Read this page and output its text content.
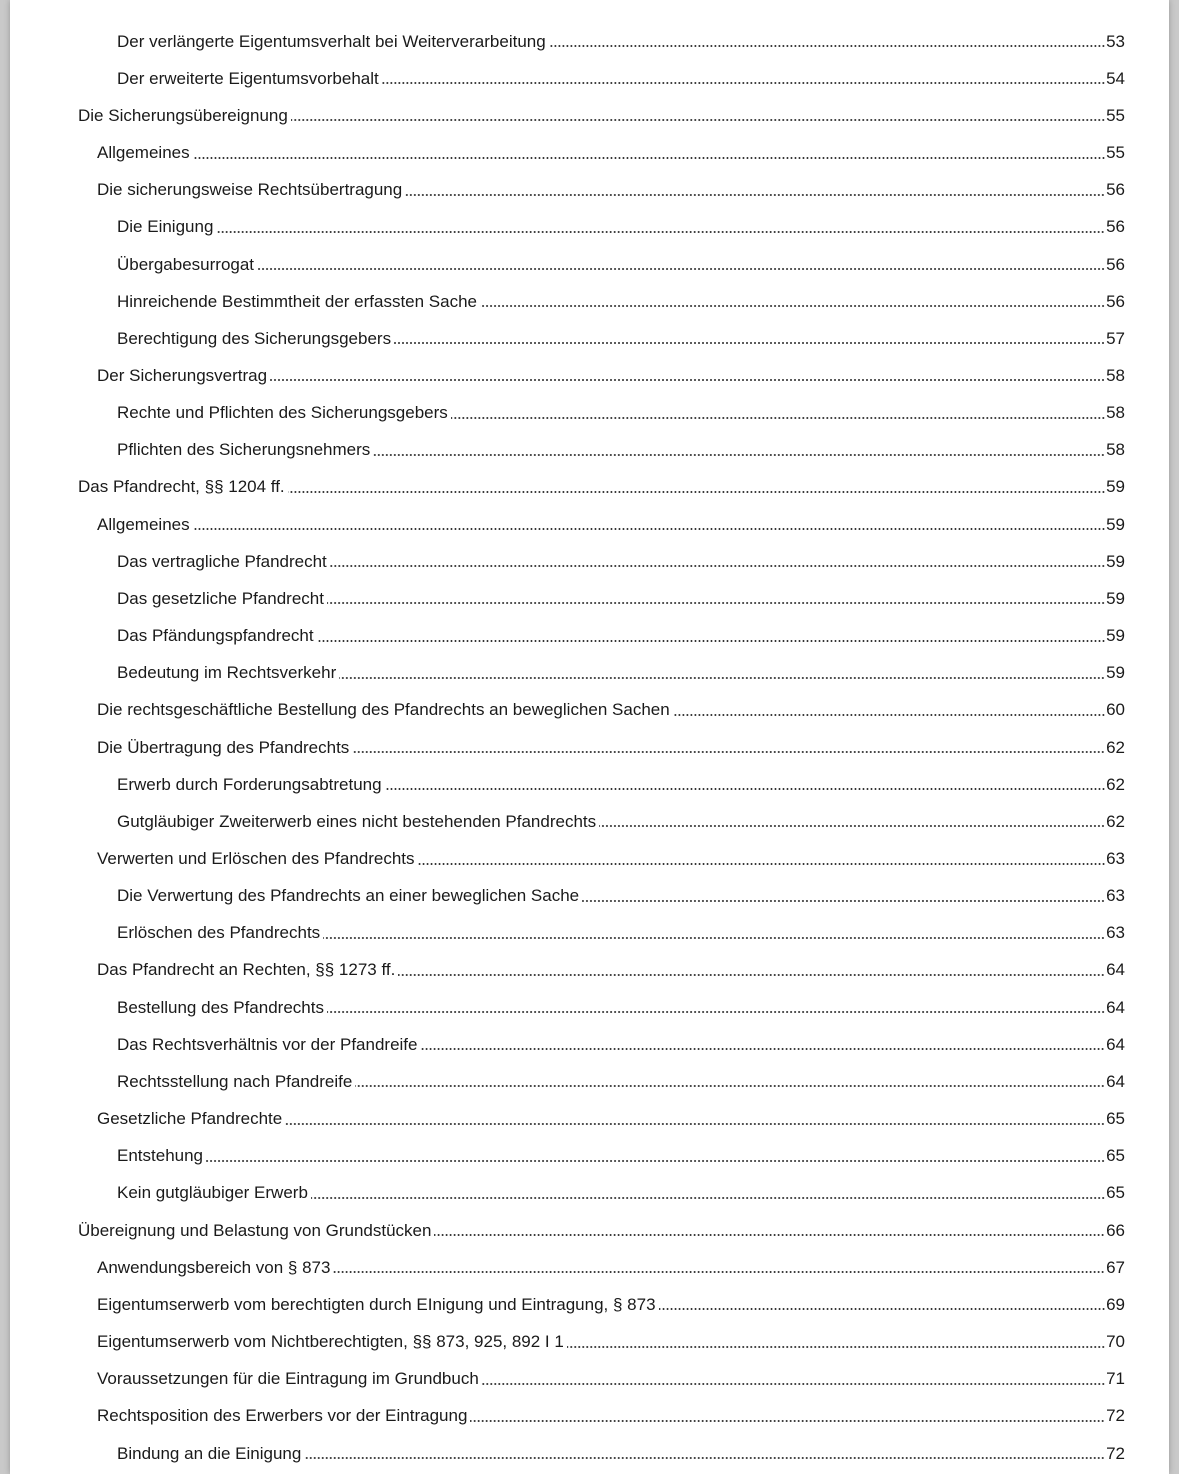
Der verlängerte Eigentumsverhalt bei Weiterverarbeitung	53
Der erweiterte Eigentumsvorbehalt	54
Die Sicherungsübereignung	55
Allgemeines	55
Die sicherungsweise Rechtsübertragung	56
Die Einigung	56
Übergabesurrogat	56
Hinreichende Bestimmtheit der erfassten Sache	56
Berechtigung des Sicherungsgebers	57
Der Sicherungsvertrag	58
Rechte und Pflichten des Sicherungsgebers	58
Pflichten des Sicherungsnehmers	58
Das Pfandrecht, §§ 1204 ff.	59
Allgemeines	59
Das vertragliche Pfandrecht	59
Das gesetzliche Pfandrecht	59
Das Pfändungspfandrecht	59
Bedeutung im Rechtsverkehr	59
Die rechtsgeschäftliche Bestellung des Pfandrechts an beweglichen Sachen	60
Die Übertragung des Pfandrechts	62
Erwerb durch Forderungsabtretung	62
Gutgläubiger Zweiterwerb eines nicht bestehenden Pfandrechts	62
Verwerten und Erlöschen des Pfandrechts	63
Die Verwertung des Pfandrechts an einer beweglichen Sache	63
Erlöschen des Pfandrechts	63
Das Pfandrecht an Rechten, §§ 1273 ff.	64
Bestellung des Pfandrechts	64
Das Rechtsverhältnis vor der Pfandreife	64
Rechtsstellung nach Pfandreife	64
Gesetzliche Pfandrechte	65
Entstehung	65
Kein gutgläubiger Erwerb	65
Übereignung und Belastung von Grundstücken	66
Anwendungsbereich von § 873	67
Eigentumserwerb vom berechtigten durch EInigung und Eintragung, § 873	69
Eigentumserwerb vom Nichtberechtigten, §§ 873, 925, 892 I 1	70
Voraussetzungen für die Eintragung im Grundbuch	71
Rechtsposition des Erwerbers vor der Eintragung	72
Bindung an die Einigung	72
